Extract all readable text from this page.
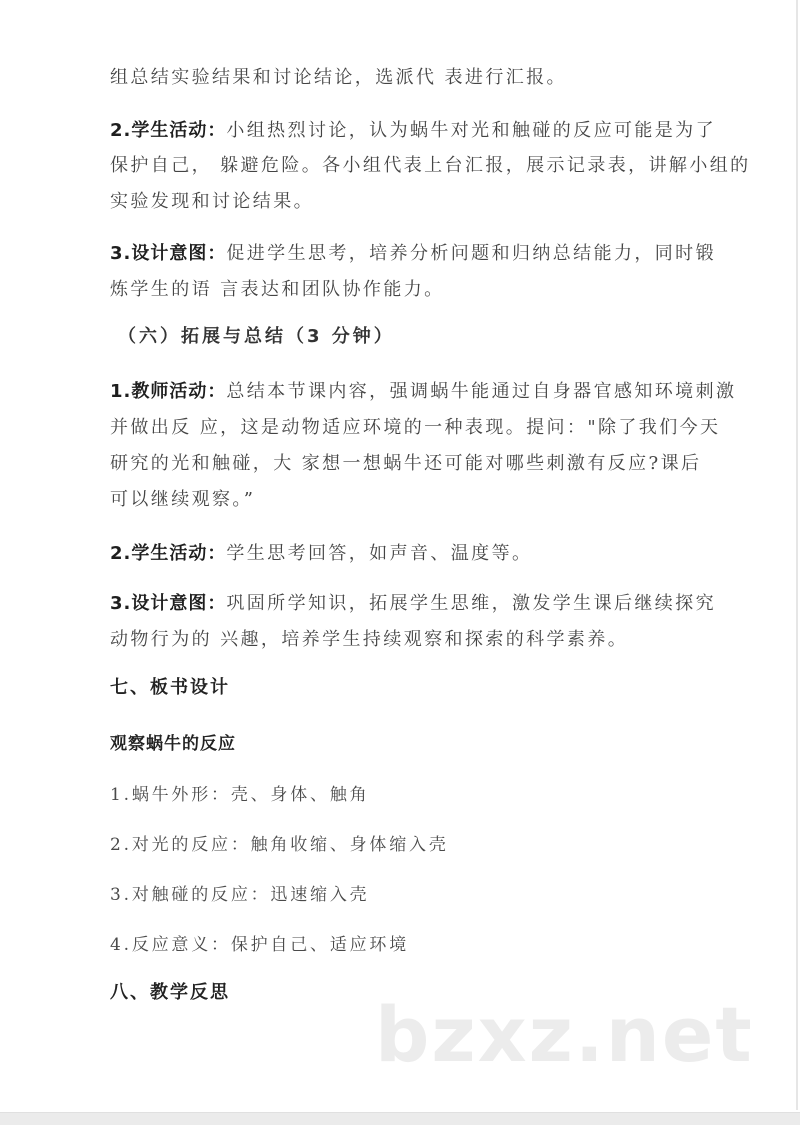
组总结实验结果和讨论结论，选派代 表进行汇报。
2.学生活动：小组热烈讨论，认为蜗牛对光和触碰的反应可能是为了
保护自己， 躲避危险。各小组代表上台汇报，展示记录表，讲解小组的
实验发现和讨论结果。
3.设计意图：促进学生思考，培养分析问题和归纳总结能力，同时锻
炼学生的语 言表达和团队协作能力。
（六）拓展与总结（3 分钟）
1.教师活动：总结本节课内容，强调蜗牛能通过自身器官感知环境刺激
并做出反 应，这是动物适应环境的一种表现。提问："除了我们今天
研究的光和触碰，大 家想一想蜗牛还可能对哪些刺激有反应?课后
可以继续观察。”
2.学生活动：学生思考回答，如声音、温度等。
3.设计意图：巩固所学知识，拓展学生思维，激发学生课后继续探究
动物行为的 兴趣，培养学生持续观察和探索的科学素养。
七、板书设计
观察蜗牛的反应
1.蜗牛外形：壳、身体、触角
2.对光的反应：触角收缩、身体缩入壳
3.对触碰的反应：迅速缩入壳
4.反应意义：保护自己、适应环境
八、教学反思 bzxz.net
